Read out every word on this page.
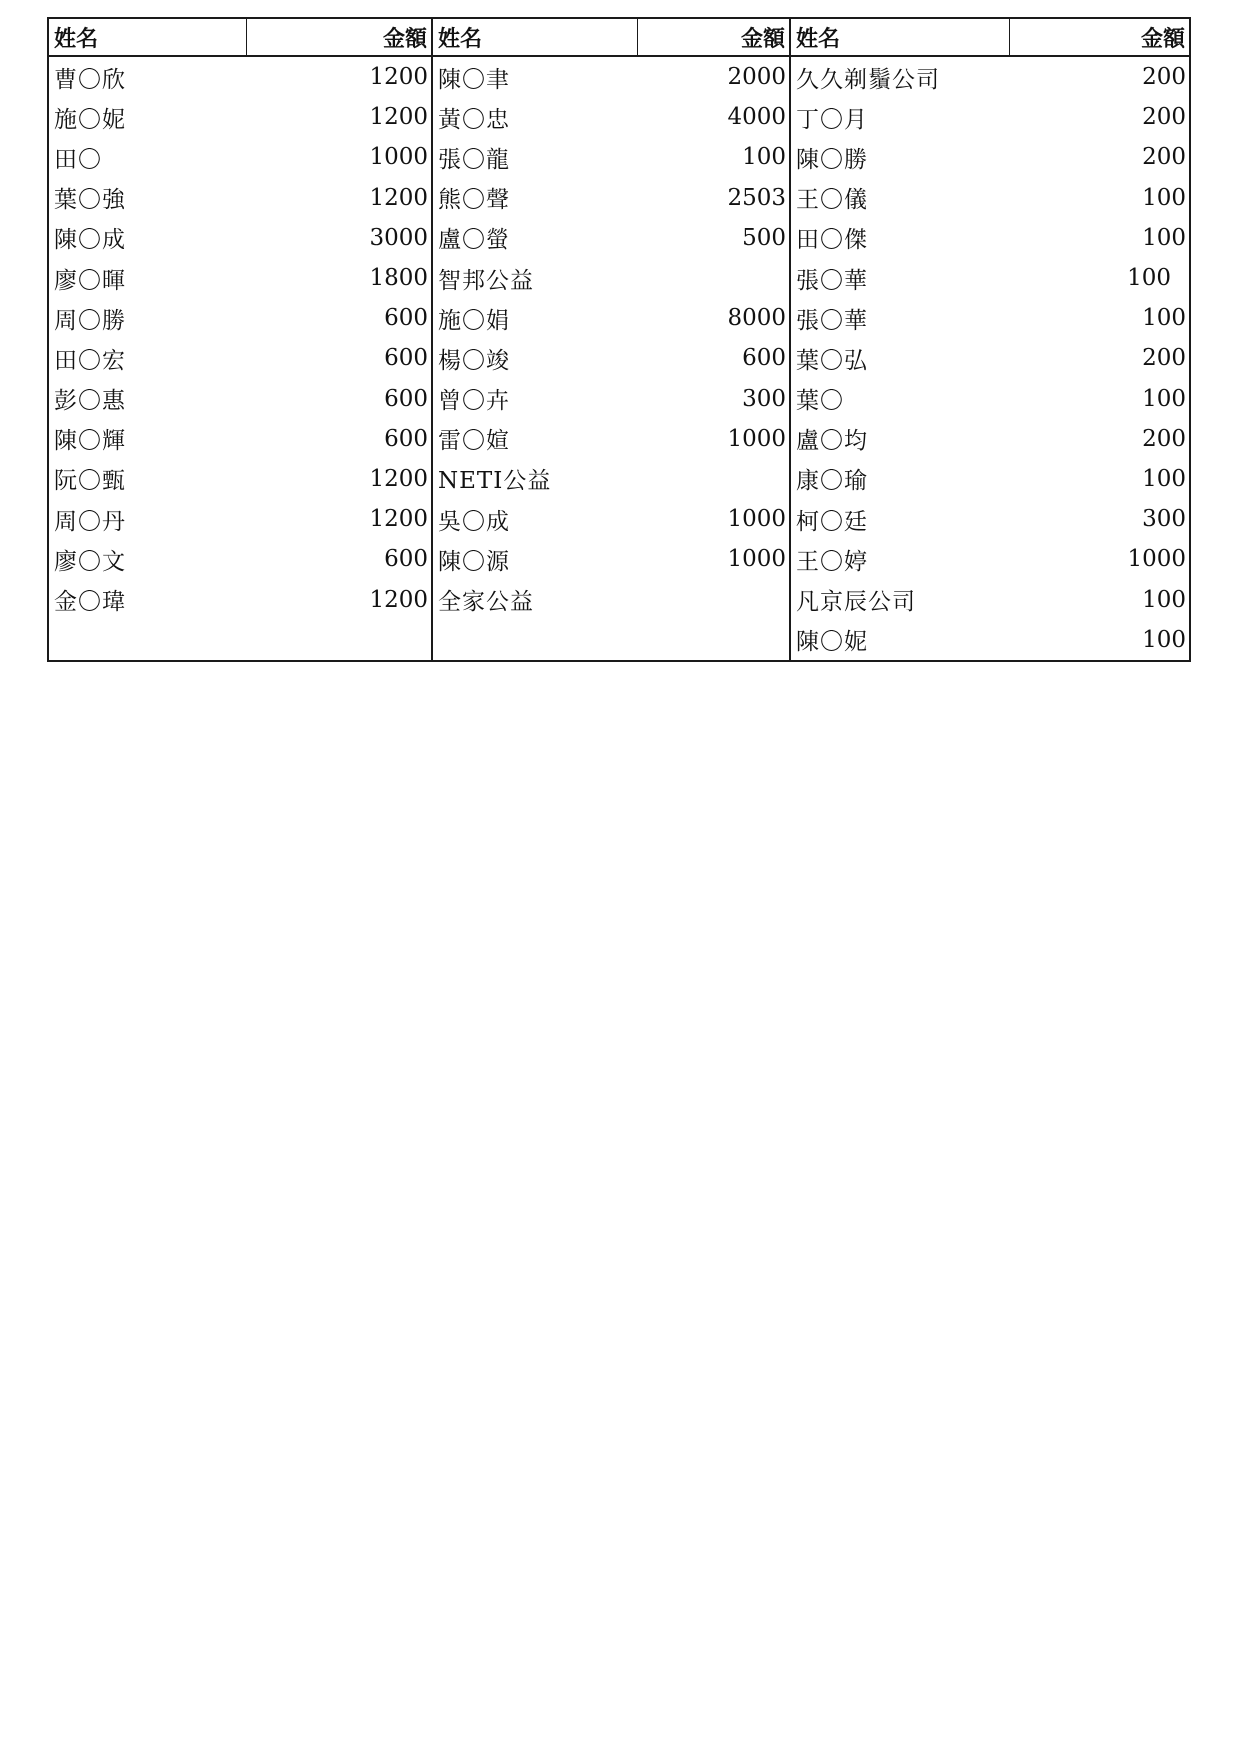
姓名	金額
曹〇欣	1200
施〇妮	1200
田〇	1000
葉〇強	1200
陳〇成	3000
廖〇暉	1800
周〇勝	600
田〇宏	600
彭〇惠	600
陳〇輝	600
阮〇甄	1200
周〇丹	1200
廖〇文	600
金〇瑋	1200
姓名	金額
陳〇聿	2000
黃〇忠	4000
張〇龍	100
熊〇聲	2503
盧〇螢	500
智邦公益
施〇娟	8000
楊〇竣	600
曾〇卉	300
雷〇媗	1000
NETI公益
吳〇成	1000
陳〇源	1000
全家公益
姓名	金額
久久剃鬚公司	200
丁〇月	200
陳〇勝	200
王〇儀	100
田〇傑	100
張〇華	100
張〇華	100
葉〇弘	200
葉〇	100
盧〇均	200
康〇瑜	100
柯〇廷	300
王〇婷	1000
凡京辰公司	100
陳〇妮	100
